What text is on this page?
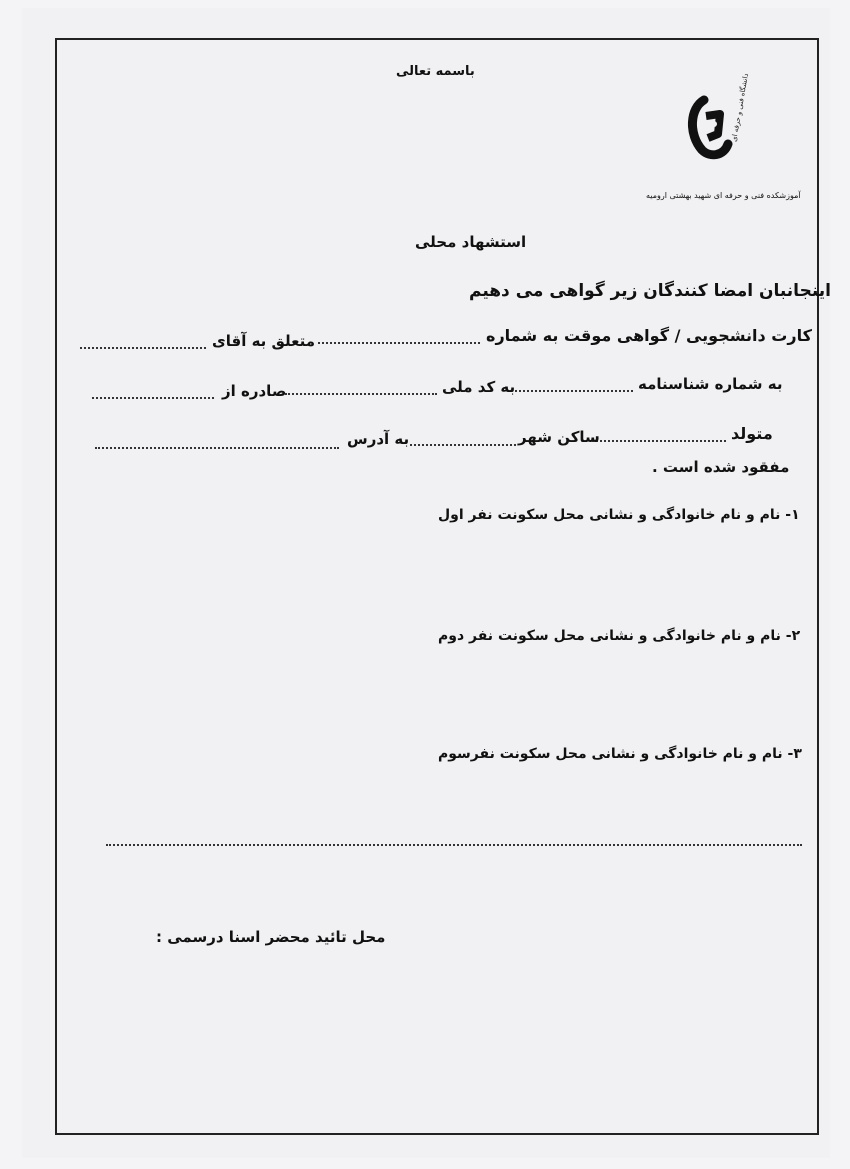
باسمه تعالی
دانشگاه فنی و حرفه ای
آموزشکده فنی و حرفه ای شهید بهشتی ارومیه
استشهاد محلی
اینجانبان امضا کنندگان زیر گواهی می دهیم
کارت دانشجویی / گواهی موقت به شماره
متعلق به آقای
به شماره شناسنامه
به کد ملی
صادره از
متولد
ساکن شهر
به آدرس
مفقود شده است .
۱- نام و نام خانوادگی و نشانی محل سکونت نفر اول
۲- نام و نام خانوادگی و نشانی محل سکونت نفر دوم
۳- نام و نام خانوادگی و نشانی محل سکونت نفرسوم
محل تائید محضر اسنا درسمی :
